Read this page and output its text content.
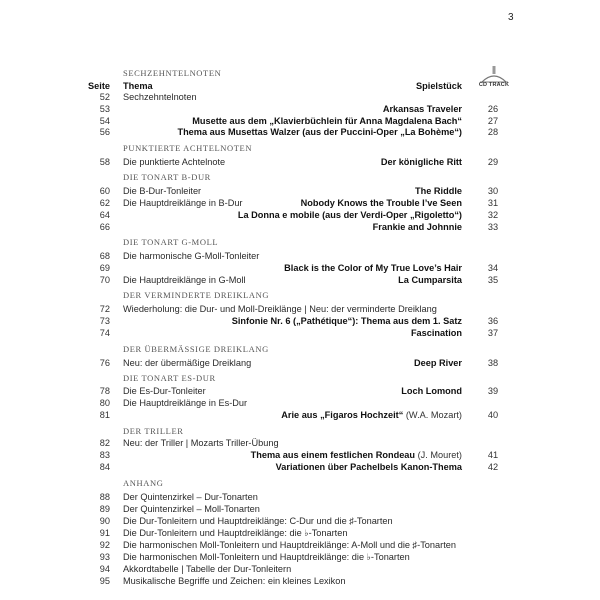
3
CD TRACK
SECHZEHNTELNOTEN
Seite Thema	Spielstück
52 Sechzehntelnoten
53	Arkansas Traveler	26
54	Musette aus dem „Klavierbüchlein für Anna Magdalena Bach“	27
56	Thema aus Musettas Walzer (aus der Puccini-Oper „La Bohème“)	28
PUNKTIERTE ACHTELNOTEN
58 Die punktierte Achtelnote	Der königliche Ritt	29
DIE TONART B-DUR
60 Die B-Dur-Tonleiter	The Riddle	30
62 Die Hauptdreiklänge in B-Dur	Nobody Knows the Trouble I’ve Seen	31
64	La Donna e mobile (aus der Verdi-Oper „Rigoletto“)	32
66	Frankie and Johnnie	33
DIE TONART G-MOLL
68 Die harmonische G-Moll-Tonleiter
69	Black is the Color of My True Love’s Hair	34
70 Die Hauptdreiklänge in G-Moll	La Cumparsita	35
DER VERMINDERTE DREIKLANG
72 Wiederholung: die Dur- und Moll-Dreiklänge | Neu: der verminderte Dreiklang
73	Sinfonie Nr. 6 („Pathétique“): Thema aus dem 1. Satz	36
74	Fascination	37
DER ÜBERMÄSSIGE DREIKLANG
76 Neu: der übermäßige Dreiklang	Deep River	38
DIE TONART ES-DUR
78 Die Es-Dur-Tonleiter	Loch Lomond	39
80 Die Hauptdreiklänge in Es-Dur
81	Arie aus „Figaros Hochzeit“ (W.A. Mozart)	40
DER TRILLER
82 Neu: der Triller | Mozarts Triller-Übung
83	Thema aus einem festlichen Rondeau (J. Mouret)	41
84	Variationen über Pachelbels Kanon-Thema	42
ANHANG
88 Der Quintenzirkel – Dur-Tonarten
89 Der Quintenzirkel – Moll-Tonarten
90 Die Dur-Tonleitern und Hauptdreiklänge: C-Dur und die ♯-Tonarten
91 Die Dur-Tonleitern und Hauptdreiklänge: die ♭-Tonarten
92 Die harmonischen Moll-Tonleitern und Hauptdreiklänge: A-Moll und die ♯-Tonarten
93 Die harmonischen Moll-Tonleitern und Hauptdreiklänge: die ♭-Tonarten
94 Akkordtabelle | Tabelle der Dur-Tonleitern
95 Musikalische Begriffe und Zeichen: ein kleines Lexikon
